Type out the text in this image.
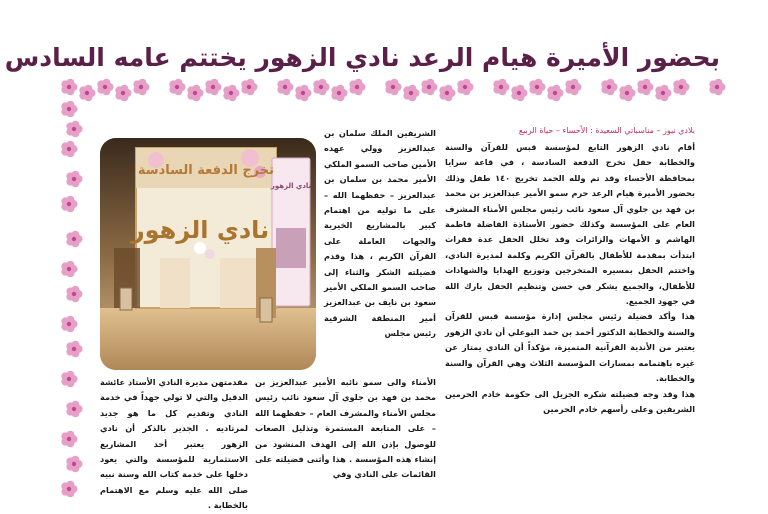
بحضور الأميرة هيام الرعد نادي الزهور يختتم عامه السادس
بلادي نيوز – مناسباتي السعيدة : الأحساء – حياة الربيع

أقام نادي الزهور التابع لمؤسسة قبس للقرآن والسنة والخطابة حفل تخرج الدفعة السادسة ، في قاعة سرايا بمحافظة الأحساء وقد تم ولله الحمد تخريج ١٤٠ طفل وذلك بحضور الأميرة هيام الرعد حرم سمو الأمير عبدالعزيز بن محمد بن فهد بن جلوي آل سعود نائب رئيس مجلس الأمناء المشرف العام على المؤسسة وكذلك حضور الأستاذة الفاضلة فاطمة الهاشم و الأمهات والزائرات وقد تخلل الحفل عدة فقرات ابتدأت بمقدمة للأطفال بالقرآن الكريم وكلمة لمديرة النادي، واختتم الحفل بمسيره المتخرجين وتوزيع الهدايا والشهادات للأطفال، والجميع يشكر في حسن وتنظيم الحفل بارك الله في جهود الجميع.

هذا وأكد فضيلة رئيس مجلس إدارة مؤسسة قبس للقرآن والسنة والخطابة الدكتور أحمد بن حمد البوعلي أن نادي الزهور يعتبر من الأندية القرآنية المتميزة، مؤكداً أن النادي يمتاز عن غيره باهتمامه بمسارات المؤسسة الثلاث وهي القرآن والسنة والخطابة.

هذا وقد وجه فضيلته شكره الجزيل الى حكومة خادم الحرمين الشريفين وعلى رأسهم خادم الحرمين

الشريفين الملك سلمان بن عبدالعزيز وولي عهده الأمين صاحب السمو الملكي الأمير محمد بن سلمان بن عبدالعزيز – حفظهما الله – على ما توليه من اهتمام كبير بالمشاريع الخيرية والجهات العاملة على القرآن الكريم ، هذا وقدم فضيلته الشكر والثناء إلى صاحب السمو الملكي الأمير سعود بن نايف بن عبدالعزيز أمير المنطقة الشرقية رئيس مجلس

الأمناء والى سمو نائبه الأمير عبدالعزيز بن محمد بن فهد بن جلوي آل سعود نائب رئيس مجلس الأمناء والمشرف العام – حفظهما الله – على المتابعة المستمرة وتذليل الصعاب للوصول بإذن الله إلى الهدف المنشود من إنشاء هذه المؤسسة . هذا وأثنى فضيلته على القائمات على النادي وفي

مقدمتهن مديرة النادي الأستاذ عائشة الدقيل والتي لا تولي جهداً في خدمة النادي وتقديم كل ما هو جديد لمرتاديه . الجدير بالذكر أن نادي الزهور يعتبر أحد المشاريع الاستثمارية للمؤسسة والتي يعود دخلها على خدمة كتاب الله وسنة نبيه صلى الله عليه وسلم مع الاهتمام بالخطابة .

تخرج الدفعة السادسة
نادي الزهور
نادي الزهور
